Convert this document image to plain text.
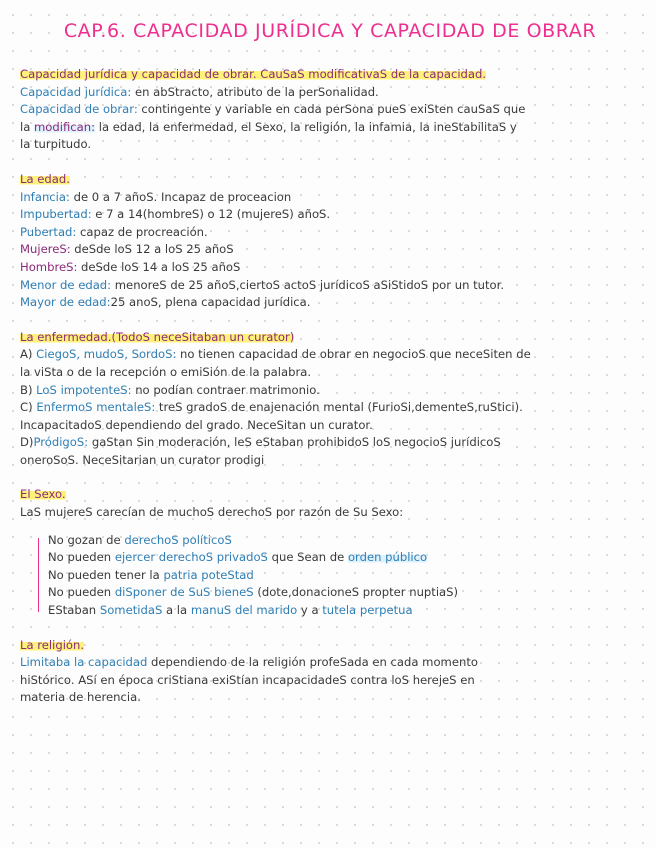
CAP.6. CAPACIDAD JURÍDICA Y CAPACIDAD DE OBRAR
Capacidad jurídica y capacidad de obrar. CauSaS modificativaS de la capacidad.
Capacidad jurídica: en abStracto, atributo de la perSonalidad.
Capacidad de obrar: contingente y variable en cada perSona pueS exiSten cauSaS que
la modifican: la edad, la enfermedad, el Sexo, la religión, la infamia, la ineStabilitaS y
la turpitudo.
La edad.
Infancia: de 0 a 7 añoS. Incapaz de proceacion
Impubertad: e 7 a 14(hombreS) o 12 (mujereS) añoS.
Pubertad: capaz de procreación.
MujereS: deSde loS 12 a loS 25 añoS
HombreS: deSde loS 14 a loS 25 añoS
Menor de edad: menoreS de 25 añoS,ciertoS actoS jurídicoS aSiStidoS por un tutor.
Mayor de edad:25 anoS, plena capacidad jurídica.
La enfermedad.(TodoS neceSitaban un curator)
A) CiegoS, mudoS, SordoS: no tienen capacidad de obrar en negocioS que neceSiten de
la viSta o de la recepción o emiSión de la palabra.
B) LoS impotenteS: no podían contraer matrimonio.
C) EnfermoS mentaleS: treS gradoS de enajenación mental (FurioSi,dementeS,ruStici).
IncapacitadoS dependiendo del grado. NeceSitan un curator.
D)PródigoS: gaStan Sin moderación, leS eStaban prohibidoS loS negocioS jurídicoS
oneroSoS. NeceSitarian un curator prodigi
El Sexo.
LaS mujereS carecían de muchoS derechoS por razón de Su Sexo:
No gozan de derechoS políticoS
No pueden ejercer derechoS privadoS que Sean de orden público
No pueden tener la patria poteStad
No pueden diSponer de SuS bieneS (dote,donacioneS propter nuptiaS)
EStaban SometidaS a la manuS del marido y a tutela perpetua
La religión.
Limitaba la capacidad dependiendo de la religión profeSada en cada momento
hiStórico. ASí en época criStiana exiStían incapacidadeS contra loS herejeS en
materia de herencia.
